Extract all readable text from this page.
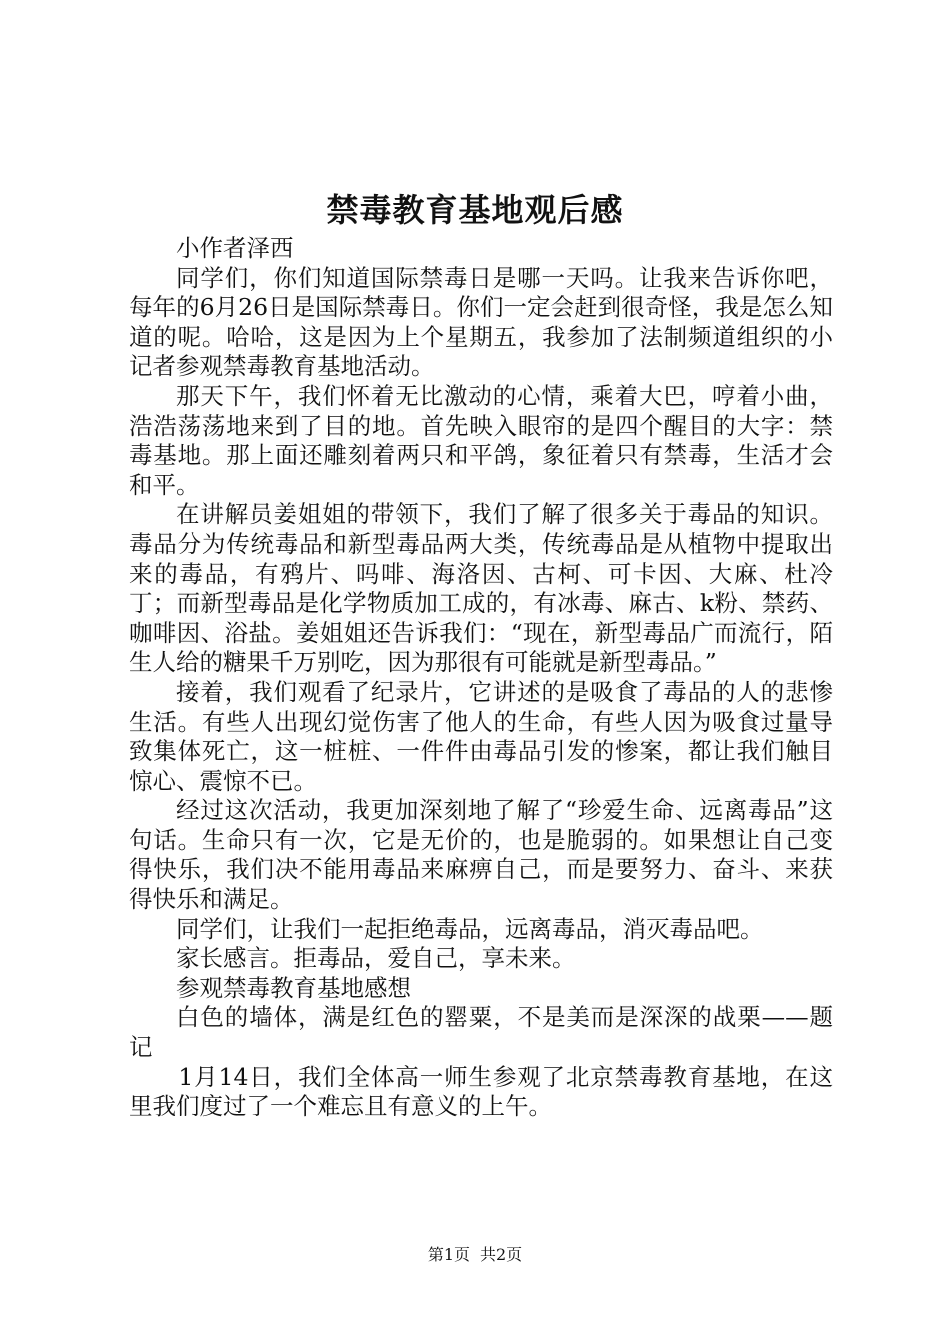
禁毒教育基地观后感

小作者泽西

同学们，你们知道国际禁毒日是哪一天吗。让我来告诉你吧，每年的6月26日是国际禁毒日。你们一定会赶到很奇怪，我是怎么知道的呢。哈哈，这是因为上个星期五，我参加了法制频道组织的小记者参观禁毒教育基地活动。

那天下午，我们怀着无比激动的心情，乘着大巴，哼着小曲，浩浩荡荡地来到了目的地。首先映入眼帘的是四个醒目的大字：禁毒基地。那上面还雕刻着两只和平鸽，象征着只有禁毒，生活才会和平。

在讲解员姜姐姐的带领下，我们了解了很多关于毒品的知识。毒品分为传统毒品和新型毒品两大类，传统毒品是从植物中提取出来的毒品，有鸦片、吗啡、海洛因、古柯、可卡因、大麻、杜冷丁；而新型毒品是化学物质加工成的，有冰毒、麻古、k粉、禁药、咖啡因、浴盐。姜姐姐还告诉我们：“现在，新型毒品广而流行，陌生人给的糖果千万别吃，因为那很有可能就是新型毒品。”

接着，我们观看了纪录片，它讲述的是吸食了毒品的人的悲惨生活。有些人出现幻觉伤害了他人的生命，有些人因为吸食过量导致集体死亡，这一桩桩、一件件由毒品引发的惨案，都让我们触目惊心、震惊不已。

经过这次活动，我更加深刻地了解了“珍爱生命、远离毒品”这句话。生命只有一次，它是无价的，也是脆弱的。如果想让自己变得快乐，我们决不能用毒品来麻痹自己，而是要努力、奋斗、来获得快乐和满足。

同学们，让我们一起拒绝毒品，远离毒品，消灭毒品吧。

家长感言。拒毒品，爱自己，享未来。

参观禁毒教育基地感想

白色的墙体，满是红色的罂粟，不是美而是深深的战栗——题记

1月14日，我们全体高一师生参观了北京禁毒教育基地，在这里我们度过了一个难忘且有意义的上午。

第1页 共2页
